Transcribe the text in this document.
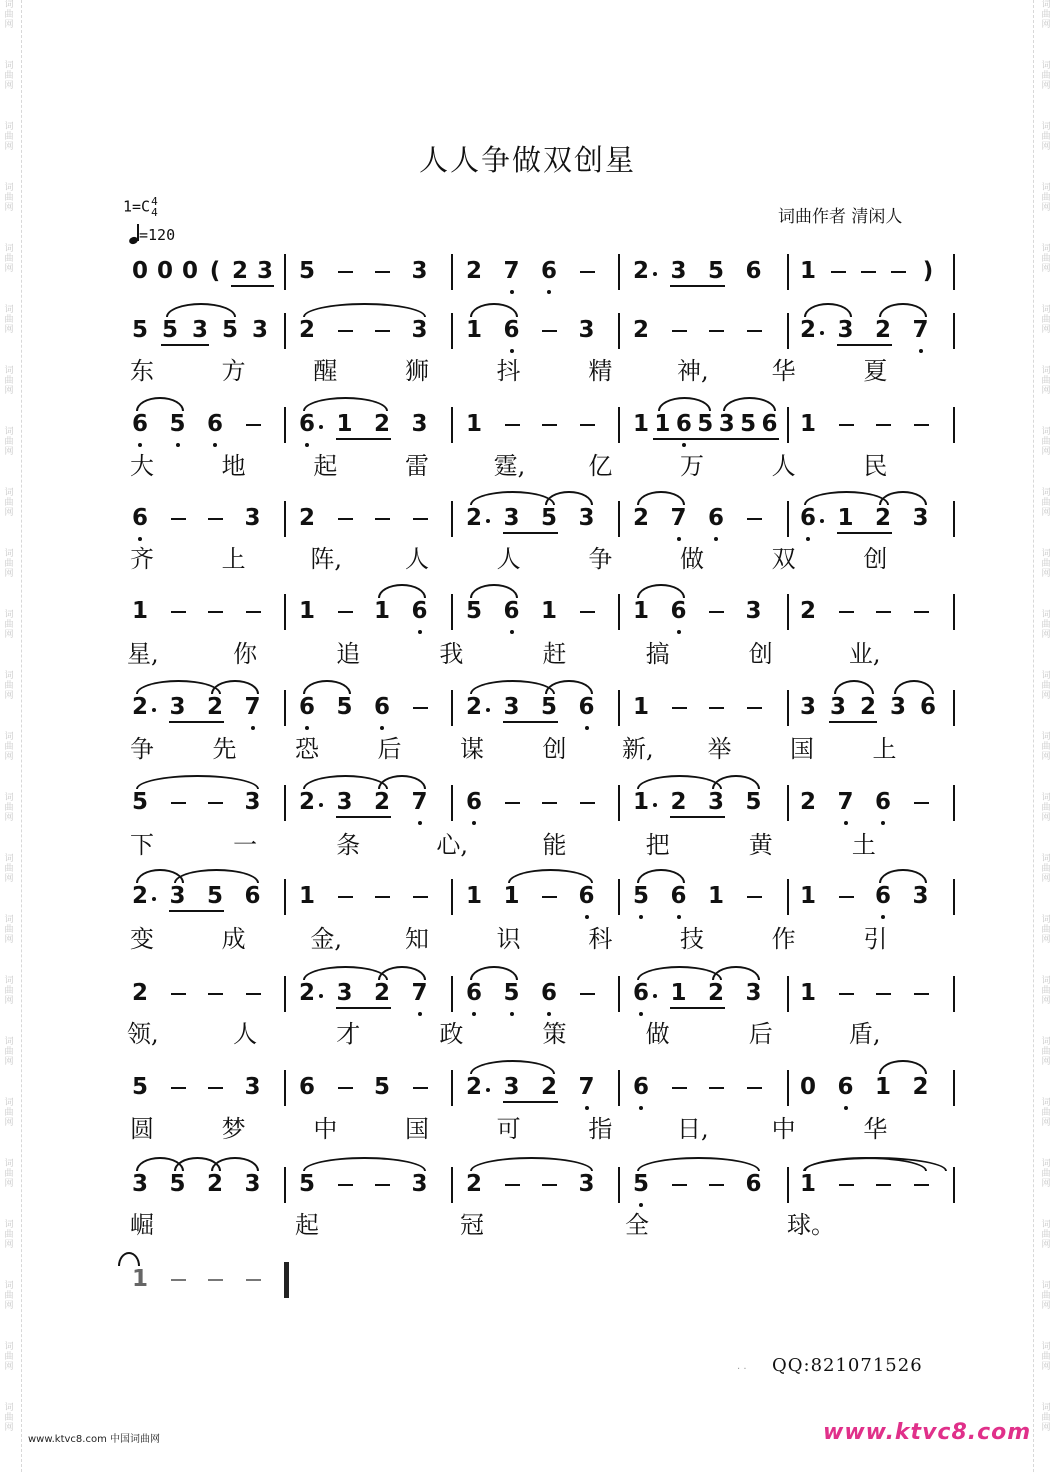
词
曲
网
词
曲
网
词
曲
网
词
曲
网
词
曲
网
词
曲
网
词
曲
网
词
曲
网
词
曲
网
词
曲
网
词
曲
网
词
曲
网
词
曲
网
词
曲
网
词
曲
网
词
曲
网
词
曲
网
词
曲
网
词
曲
网
词
曲
网
词
曲
网
词
曲
网
词
曲
网
词
曲
网
词
曲
网
词
曲
网
词
曲
网
词
曲
网
词
曲
网
词
曲
网
词
曲
网
词
曲
网
词
曲
网
词
曲
网
词
曲
网
词
曲
网
词
曲
网
词
曲
网
词
曲
网
词
曲
网
词
曲
网
词
曲
网
词
曲
网
词
曲
网
词
曲
网
词
曲
网
词
曲
网
词
曲
网
人人争做双创星
1=C 4
4
=120
词曲作者 清闲人
0 0 0 ( 2 3 5	3 2 7 6	2 3 5 6 1	)
5 5 3 5 3 2	3 1 6	3 2	2 3 2 7
东	方	醒	狮	抖	精	神,	华	夏
6 5 6	6 1 2 3 1	1 1 6 5 3 5 6 1
大	地	起	雷	霆,	亿	万	人	民
6	3 2	2 3 5 3 2 7 6	6 1 2 3
齐	上	阵,	人	人	争	做	双	创
1	1	1 6 5 6 1	1 6	3 2
星,	你	追	我	赶	搞	创	业,
2 3 2 7 6 5 6	2 3 5 6 1	3 3 2 3 6
争 先 恐 后 谋 创 新, 举 国 上
5	3 2 3 2 7 6	1 2 3 5 2 7 6
下	一	条	心,	能	把	黄	土
2 3 5 6 1	1 1	6 5 6 1	1	6 3
变	成	金,	知	识	科	技	作	引
2	2 3 2 7 6 5 6	6 1 2 3 1
领,	人	才	政	策	做	后	盾,
5	3 6	5	2 3 2 7 6	0 6 1 2
圆	梦	中	国	可	指	日,	中	华
3 5 2 3 5	3 2	3 5	6 1
崛	起	冠	全	球。
1
· · QQ:821071526
www.ktvc8.com
www.ktvc8.com 中国词曲网
